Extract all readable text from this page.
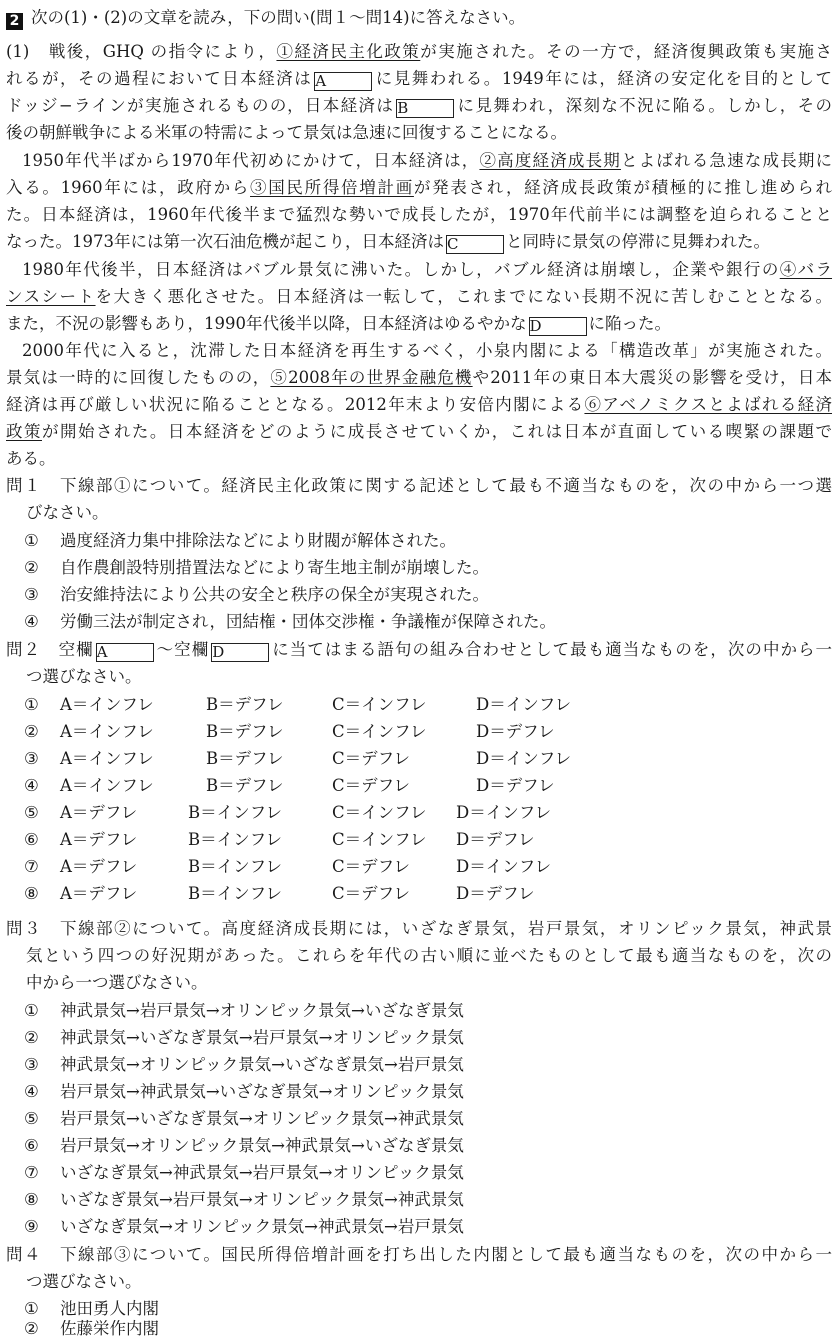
2 次の(1)・(2)の文章を読み，下の問い(問１～問14)に答えなさい。
(1)　戦後，GHQ の指令により，①経済民主化政策が実施された。その一方で，経済復興政策も実施さ
れるが，その過程において日本経済は A	に見舞われる。1949年には，経済の安定化を目的として
ドッジ−ラインが実施されるものの，日本経済は B	に見舞われ，深刻な不況に陥る。しかし，その
後の朝鮮戦争による米軍の特需によって景気は急速に回復することになる。
1950年代半ばから1970年代初めにかけて，日本経済は，②高度経済成長期とよばれる急速な成長期に
入る。1960年には，政府から③国民所得倍増計画が発表され，経済成長政策が積極的に推し進められ
た。日本経済は，1960年代後半まで猛烈な勢いで成長したが，1970年代前半には調整を迫られることと
なった。1973年には第一次石油危機が起こり，日本経済は C	と同時に景気の停滞に見舞われた。
1980年代後半，日本経済はバブル景気に沸いた。しかし，バブル経済は崩壊し，企業や銀行の④バラ
ンスシートを大きく悪化させた。日本経済は一転して，これまでにない長期不況に苦しむこととなる。
また，不況の影響もあり，1990年代後半以降，日本経済はゆるやかな D	に陥った。
2000年代に入ると，沈滞した日本経済を再生するべく，小泉内閣による「構造改革」が実施された。
景気は一時的に回復したものの，⑤2008年の世界金融危機や2011年の東日本大震災の影響を受け，日本
経済は再び厳しい状況に陥ることとなる。2012年末より安倍内閣による⑥アベノミクスとよばれる経済
政策が開始された。日本経済をどのように成長させていくか，これは日本が直面している喫緊の課題で
ある。
問１　下線部①について。経済民主化政策に関する記述として最も不適当なものを，次の中から一つ選
びなさい。
① 過度経済力集中排除法などにより財閥が解体された。
② 自作農創設特別措置法などにより寄生地主制が崩壊した。
③ 治安維持法により公共の安全と秩序の保全が実現された。
④ 労働三法が制定され，団結権・団体交渉権・争議権が保障された。
問２　空欄 A	～空欄 D	に当てはまる語句の組み合わせとして最も適当なものを，次の中から一
つ選びなさい。
① A＝インフレ	B＝デフレ	C＝インフレ	D＝インフレ
② A＝インフレ	B＝デフレ	C＝インフレ	D＝デフレ
③ A＝インフレ	B＝デフレ	C＝デフレ	D＝インフレ
④ A＝インフレ	B＝デフレ	C＝デフレ	D＝デフレ
⑤ A＝デフレ	B＝インフレ	C＝インフレ D＝インフレ
⑥ A＝デフレ	B＝インフレ	C＝インフレ D＝デフレ
⑦ A＝デフレ	B＝インフレ	C＝デフレ	D＝インフレ
⑧ A＝デフレ	B＝インフレ	C＝デフレ	D＝デフレ
問３　下線部②について。高度経済成長期には，いざなぎ景気，岩戸景気，オリンピック景気，神武景
気という四つの好況期があった。これらを年代の古い順に並べたものとして最も適当なものを，次の
中から一つ選びなさい。
① 神武景気→岩戸景気→オリンピック景気→いざなぎ景気
② 神武景気→いざなぎ景気→岩戸景気→オリンピック景気
③ 神武景気→オリンピック景気→いざなぎ景気→岩戸景気
④ 岩戸景気→神武景気→いざなぎ景気→オリンピック景気
⑤ 岩戸景気→いざなぎ景気→オリンピック景気→神武景気
⑥ 岩戸景気→オリンピック景気→神武景気→いざなぎ景気
⑦ いざなぎ景気→神武景気→岩戸景気→オリンピック景気
⑧ いざなぎ景気→岩戸景気→オリンピック景気→神武景気
⑨ いざなぎ景気→オリンピック景気→神武景気→岩戸景気
問４　下線部③について。国民所得倍増計画を打ち出した内閣として最も適当なものを，次の中から一
つ選びなさい。
① 池田勇人内閣
② 佐藤栄作内閣
